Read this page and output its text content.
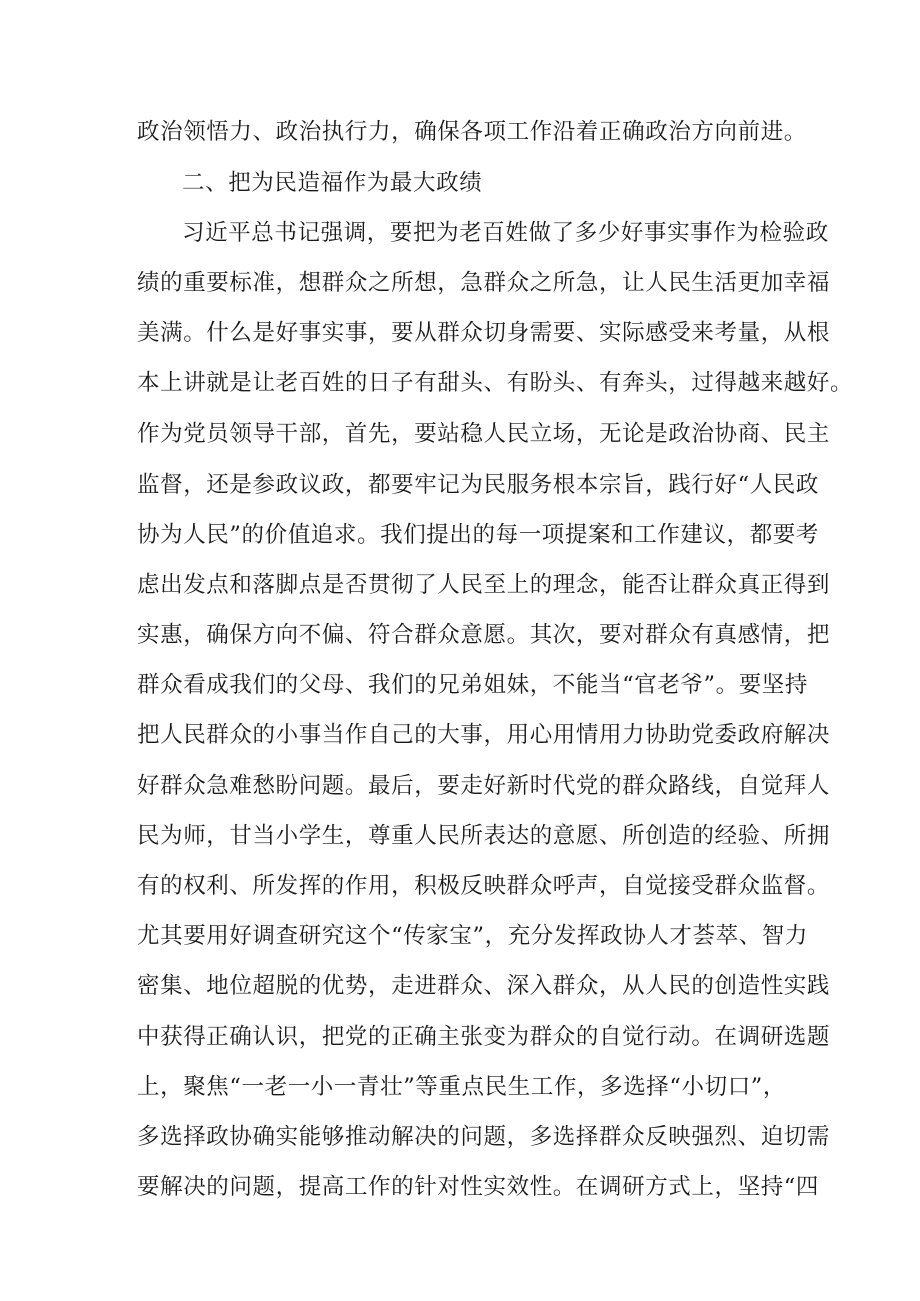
政治领悟力、政治执行力，确保各项工作沿着正确政治方向前进。
二、把为民造福作为最大政绩
习近平总书记强调，要把为老百姓做了多少好事实事作为检验政
绩的重要标准，想群众之所想，急群众之所急，让人民生活更加幸福
美满。什么是好事实事，要从群众切身需要、实际感受来考量，从根
本上讲就是让老百姓的日子有甜头、有盼头、有奔头，过得越来越好。
作为党员领导干部，首先，要站稳人民立场，无论是政治协商、民主
监督，还是参政议政，都要牢记为民服务根本宗旨，践行好“人民政
协为人民”的价值追求。我们提出的每一项提案和工作建议，都要考
虑出发点和落脚点是否贯彻了人民至上的理念，能否让群众真正得到
实惠，确保方向不偏、符合群众意愿。其次，要对群众有真感情，把
群众看成我们的父母、我们的兄弟姐妹，不能当“官老爷”。要坚持
把人民群众的小事当作自己的大事，用心用情用力协助党委政府解决
好群众急难愁盼问题。最后，要走好新时代党的群众路线，自觉拜人
民为师，甘当小学生，尊重人民所表达的意愿、所创造的经验、所拥
有的权利、所发挥的作用，积极反映群众呼声，自觉接受群众监督。
尤其要用好调查研究这个“传家宝”，充分发挥政协人才荟萃、智力
密集、地位超脱的优势，走进群众、深入群众，从人民的创造性实践
中获得正确认识，把党的正确主张变为群众的自觉行动。在调研选题
上，聚焦“一老一小一青壮”等重点民生工作，多选择“小切口”，
多选择政协确实能够推动解决的问题，多选择群众反映强烈、迫切需
要解决的问题，提高工作的针对性实效性。在调研方式上，坚持“四
